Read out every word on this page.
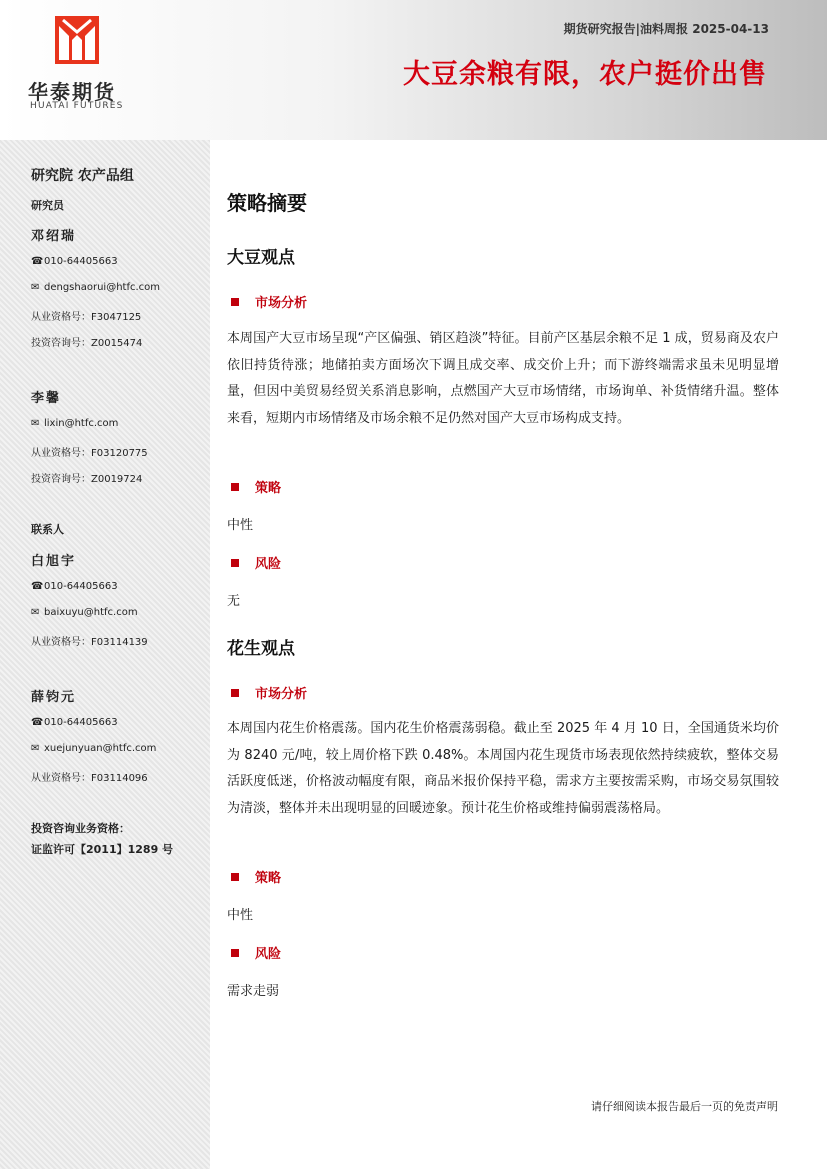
华泰期货
HUATAI FUTURES
期货研究报告|油料周报 2025-04-13
大豆余粮有限，农户挺价出售
研究院 农产品组
研究员
邓绍瑞
☎010-64405663
✉ dengshaorui@htfc.com
从业资格号：F3047125
投资咨询号：Z0015474
李馨
✉ lixin@htfc.com
从业资格号：F03120775
投资咨询号：Z0019724
联系人
白旭宇
☎010-64405663
✉ baixuyu@htfc.com
从业资格号：F03114139
薛钧元
☎010-64405663
✉ xuejunyuan@htfc.com
从业资格号：F03114096
投资咨询业务资格：
证监许可【2011】1289 号
策略摘要
大豆观点
市场分析
本周国产大豆市场呈现“产区偏强、销区趋淡”特征。目前产区基层余粮不足 1 成，贸易商及农户依旧持货待涨；地储拍卖方面场次下调且成交率、成交价上升；而下游终端需求虽未见明显增量，但因中美贸易经贸关系消息影响，点燃国产大豆市场情绪，市场询单、补货情绪升温。整体来看，短期内市场情绪及市场余粮不足仍然对国产大豆市场构成支持。
策略
中性
风险
无
花生观点
市场分析
本周国内花生价格震荡。国内花生价格震荡弱稳。截止至 2025 年 4 月 10 日，全国通货米均价为 8240 元/吨，较上周价格下跌 0.48%。本周国内花生现货市场表现依然持续疲软，整体交易活跃度低迷，价格波动幅度有限，商品米报价保持平稳，需求方主要按需采购，市场交易氛围较为清淡，整体并未出现明显的回暖迹象。预计花生价格或维持偏弱震荡格局。
策略
中性
风险
需求走弱
请仔细阅读本报告最后一页的免责声明
